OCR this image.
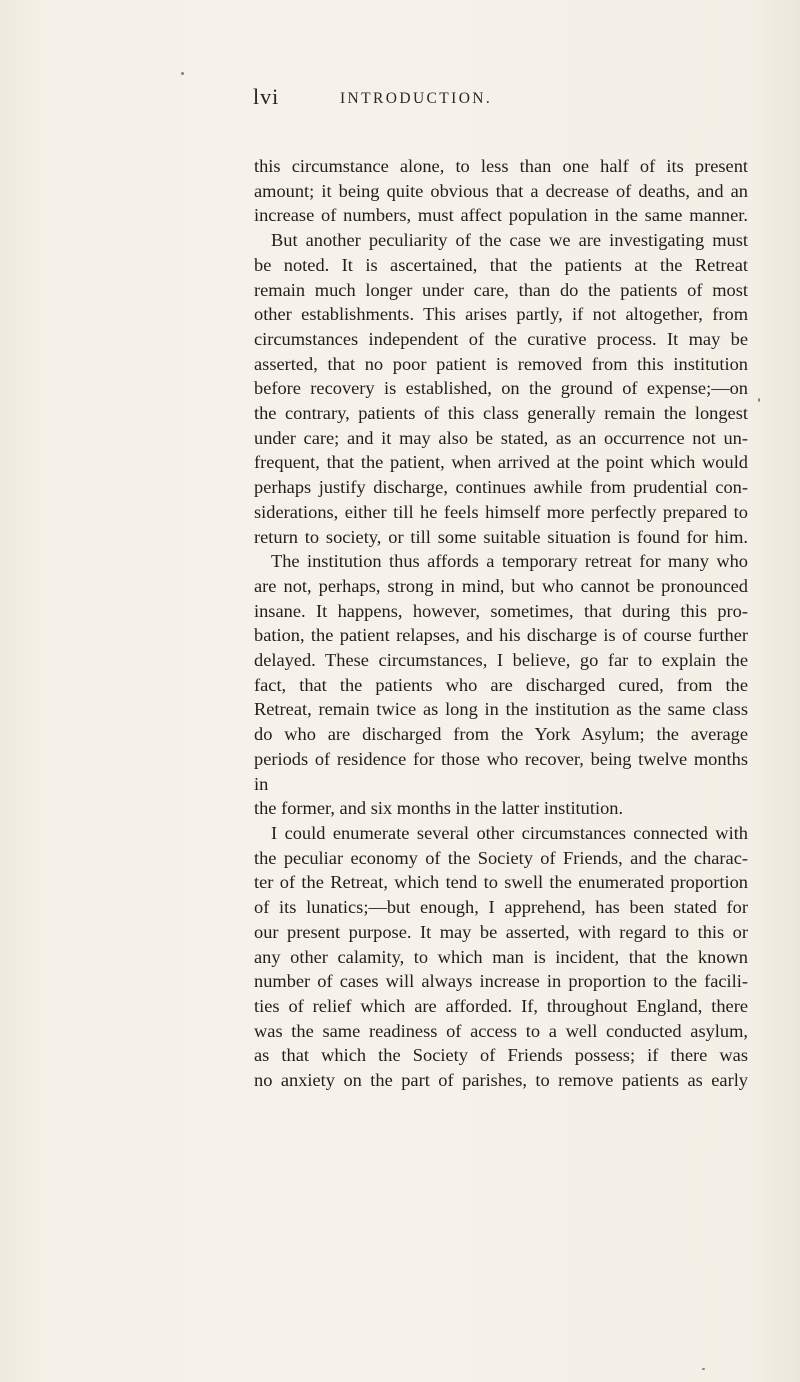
lvi	INTRODUCTION.

this circumstance alone, to less than one half of its present

amount; it being quite obvious that a decrease of deaths, and an

increase of numbers, must affect population in the same manner.

But another peculiarity of the case we are investigating must

be noted. It is ascertained, that the patients at the Retreat

remain much longer under care, than do the patients of most

other establishments. This arises partly, if not altogether, from

circumstances independent of the curative process. It may be

asserted, that no poor patient is removed from this institution

before recovery is established, on the ground of expense;—on

the contrary, patients of this class generally remain the longest

under care; and it may also be stated, as an occurrence not un-

frequent, that the patient, when arrived at the point which would

perhaps justify discharge, continues awhile from prudential con-

siderations, either till he feels himself more perfectly prepared to

return to society, or till some suitable situation is found for him.

The institution thus affords a temporary retreat for many who

are not, perhaps, strong in mind, but who cannot be pronounced

insane. It happens, however, sometimes, that during this pro-

bation, the patient relapses, and his discharge is of course further

delayed. These circumstances, I believe, go far to explain the

fact, that the patients who are discharged cured, from the

Retreat, remain twice as long in the institution as the same class

do who are discharged from the York Asylum; the average

periods of residence for those who recover, being twelve months in

the former, and six months in the latter institution.

I could enumerate several other circumstances connected with

the peculiar economy of the Society of Friends, and the charac-

ter of the Retreat, which tend to swell the enumerated proportion

of its lunatics;—but enough, I apprehend, has been stated for

our present purpose. It may be asserted, with regard to this or

any other calamity, to which man is incident, that the known

number of cases will always increase in proportion to the facili-

ties of relief which are afforded. If, throughout England, there

was the same readiness of access to a well conducted asylum,

as that which the Society of Friends possess; if there was

no anxiety on the part of parishes, to remove patients as early
